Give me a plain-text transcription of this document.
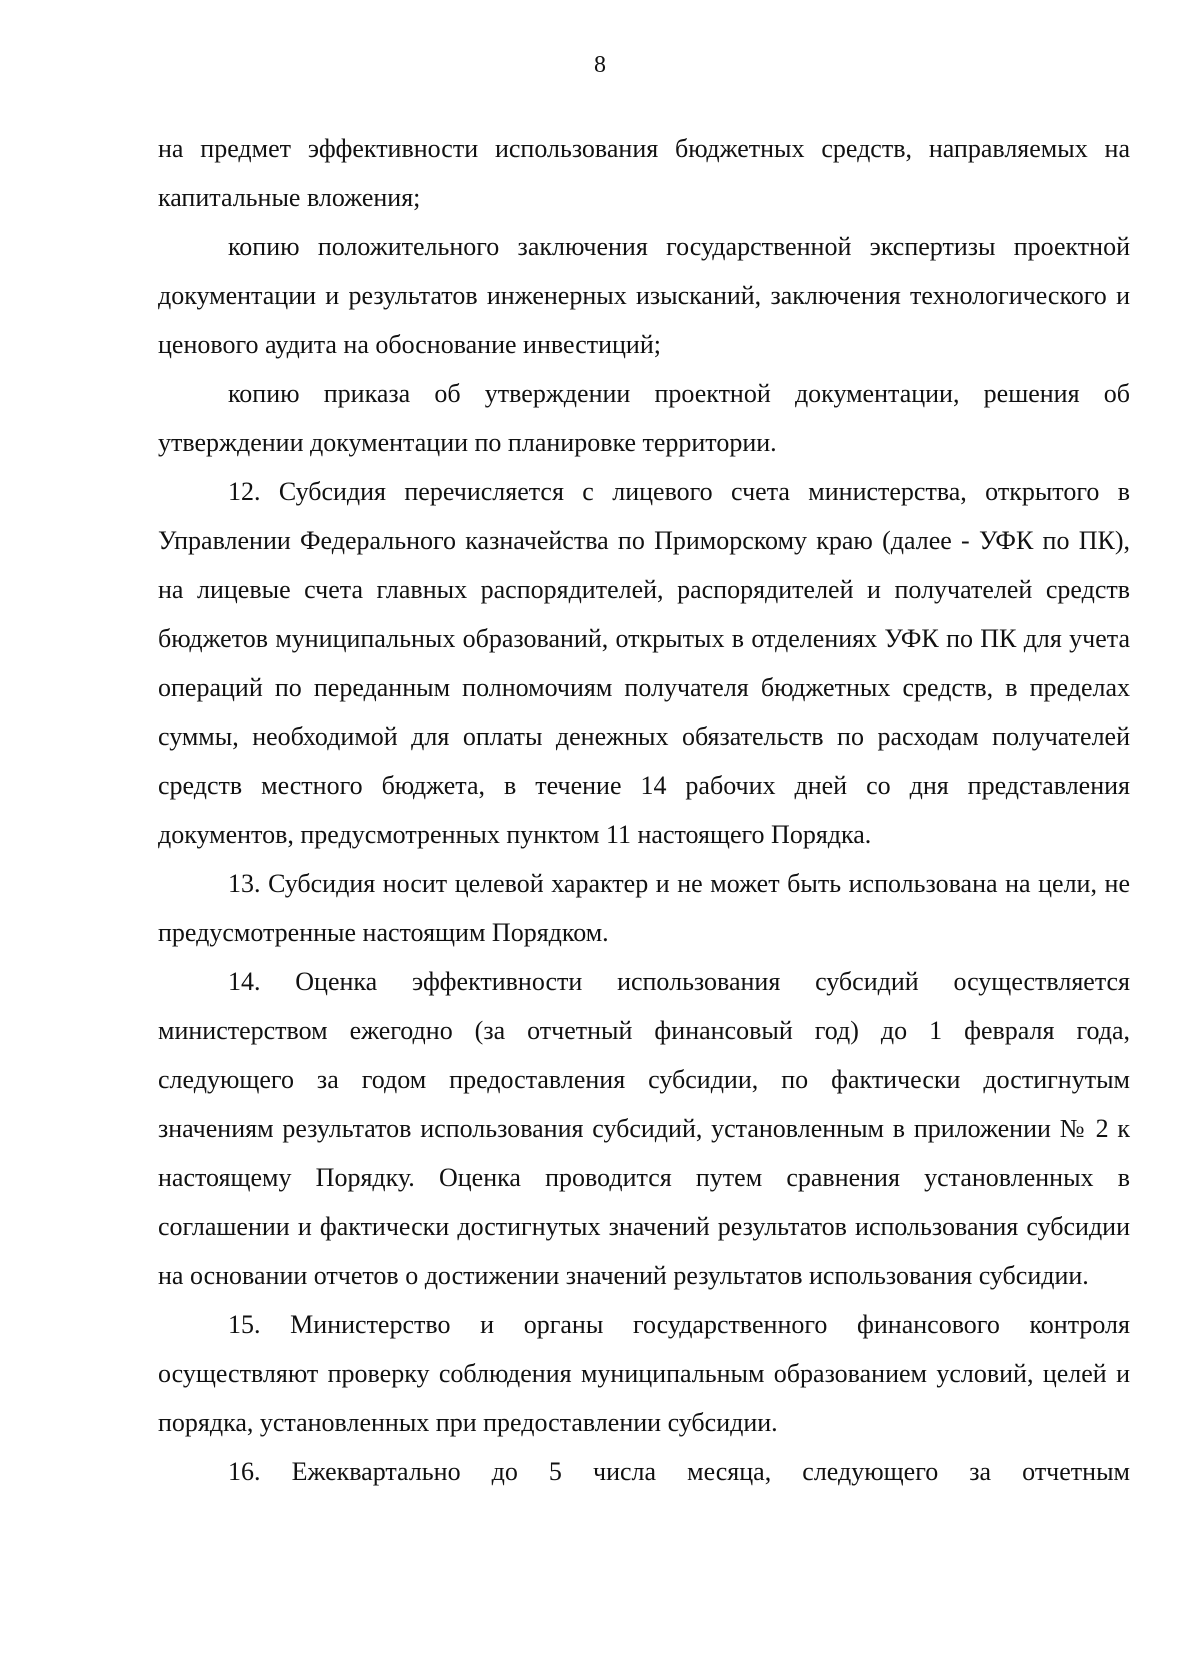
8

на предмет эффективности использования бюджетных средств, направляемых на капитальные вложения;

копию положительного заключения государственной экспертизы проектной документации и результатов инженерных изысканий, заключения технологического и ценового аудита на обоснование инвестиций;

копию приказа об утверждении проектной документации, решения об утверждении документации по планировке территории.

12. Субсидия перечисляется с лицевого счета министерства, открытого в Управлении Федерального казначейства по Приморскому краю (далее - УФК по ПК), на лицевые счета главных распорядителей, распорядителей и получателей средств бюджетов муниципальных образований, открытых в отделениях УФК по ПК для учета операций по переданным полномочиям получателя бюджетных средств, в пределах суммы, необходимой для оплаты денежных обязательств по расходам получателей средств местного бюджета, в течение 14 рабочих дней со дня представления документов, предусмотренных пунктом 11 настоящего Порядка.

13. Субсидия носит целевой характер и не может быть использована на цели, не предусмотренные настоящим Порядком.

14. Оценка эффективности использования субсидий осуществляется министерством ежегодно (за отчетный финансовый год) до 1 февраля года, следующего за годом предоставления субсидии, по фактически достигнутым значениям результатов использования субсидий, установленным в приложении № 2 к настоящему Порядку. Оценка проводится путем сравнения установленных в соглашении и фактически достигнутых значений результатов использования субсидии на основании отчетов о достижении значений результатов использования субсидии.

15. Министерство и органы государственного финансового контроля осуществляют проверку соблюдения муниципальным образованием условий, целей и порядка, установленных при предоставлении субсидии.

16. Ежеквартально до 5 числа месяца, следующего за отчетным
